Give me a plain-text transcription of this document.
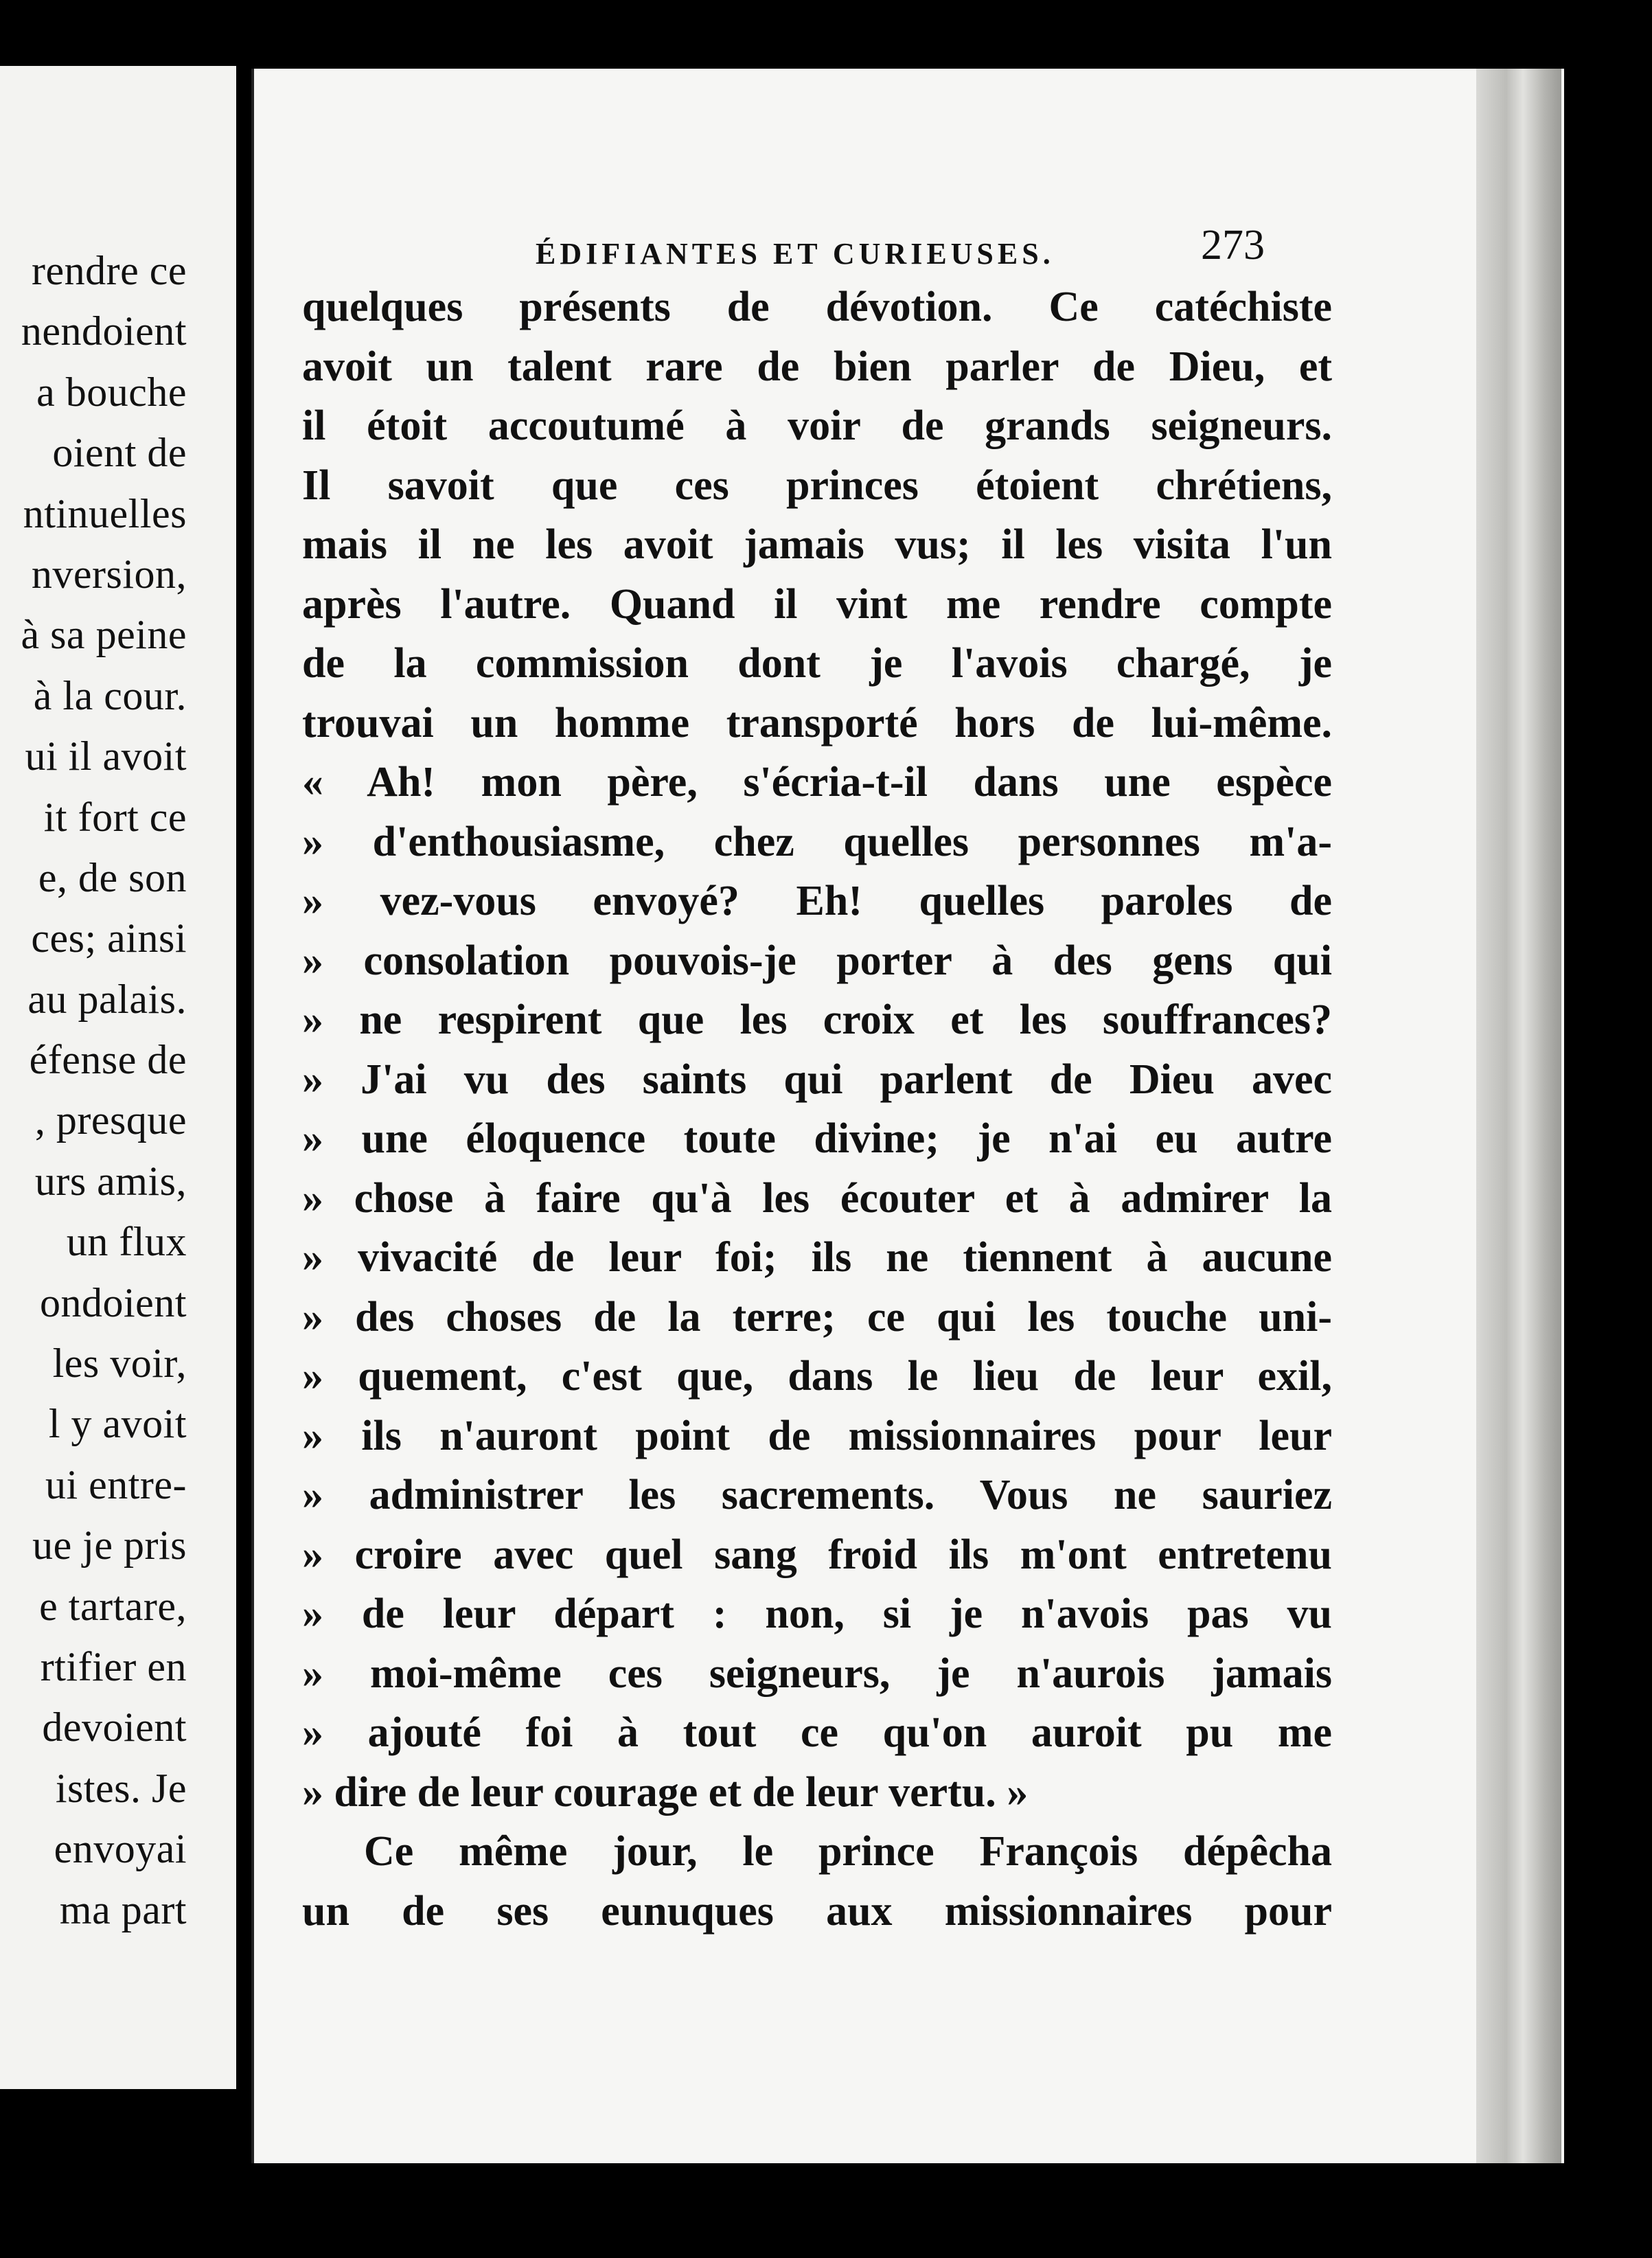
rendre ce
nendoient
a bouche
oient de
ntinuelles
nversion,
à sa peine
à la cour.
ui il avoit
it fort ce
e, de son
ces; ainsi
au palais.
éfense de
, presque
urs amis,
un flux
ondoient
les voir,
l y avoit
ui entre-
ue je pris
e tartare,
rtifier en
devoient
istes. Je
envoyai
ma part
ÉDIFIANTES ET CURIEUSES.	273
quelques présents de dévotion. Ce catéchiste
avoit un talent rare de bien parler de Dieu, et
il étoit accoutumé à voir de grands seigneurs.
Il savoit que ces princes étoient chrétiens,
mais il ne les avoit jamais vus; il les visita l'un
après l'autre. Quand il vint me rendre compte
de la commission dont je l'avois chargé, je
trouvai un homme transporté hors de lui-même.
« Ah! mon père, s'écria-t-il dans une espèce
» d'enthousiasme, chez quelles personnes m'a-
» vez-vous envoyé? Eh! quelles paroles de
» consolation pouvois-je porter à des gens qui
» ne respirent que les croix et les souffrances?
» J'ai vu des saints qui parlent de Dieu avec
» une éloquence toute divine; je n'ai eu autre
» chose à faire qu'à les écouter et à admirer la
» vivacité de leur foi; ils ne tiennent à aucune
» des choses de la terre; ce qui les touche uni-
» quement, c'est que, dans le lieu de leur exil,
» ils n'auront point de missionnaires pour leur
» administrer les sacrements. Vous ne sauriez
» croire avec quel sang froid ils m'ont entretenu
» de leur départ : non, si je n'avois pas vu
» moi-même ces seigneurs, je n'aurois jamais
» ajouté foi à tout ce qu'on auroit pu me
» dire de leur courage et de leur vertu. »
Ce même jour, le prince François dépêcha
un de ses eunuques aux missionnaires pour
